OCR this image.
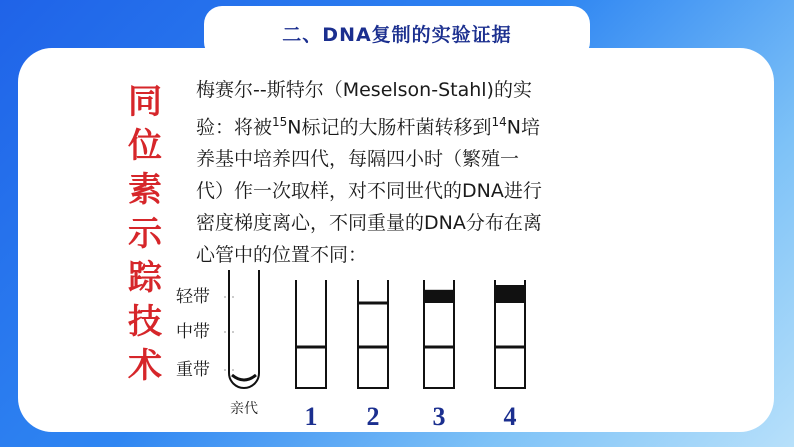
二、DNA复制的实验证据
同
位
素
示
踪
技
术
梅赛尔--斯特尔（Meselson-Stahl)的实
验：将被$^{15}$N标记的大肠杆菌转移到$^{14}$N培
养基中培养四代，每隔四小时（繁殖一
代）作一次取样，对不同世代的DNA进行
密度梯度离心，不同重量的DNA分布在离
心管中的位置不同：
轻带
中带
重带
亲代 1 2 3 4
